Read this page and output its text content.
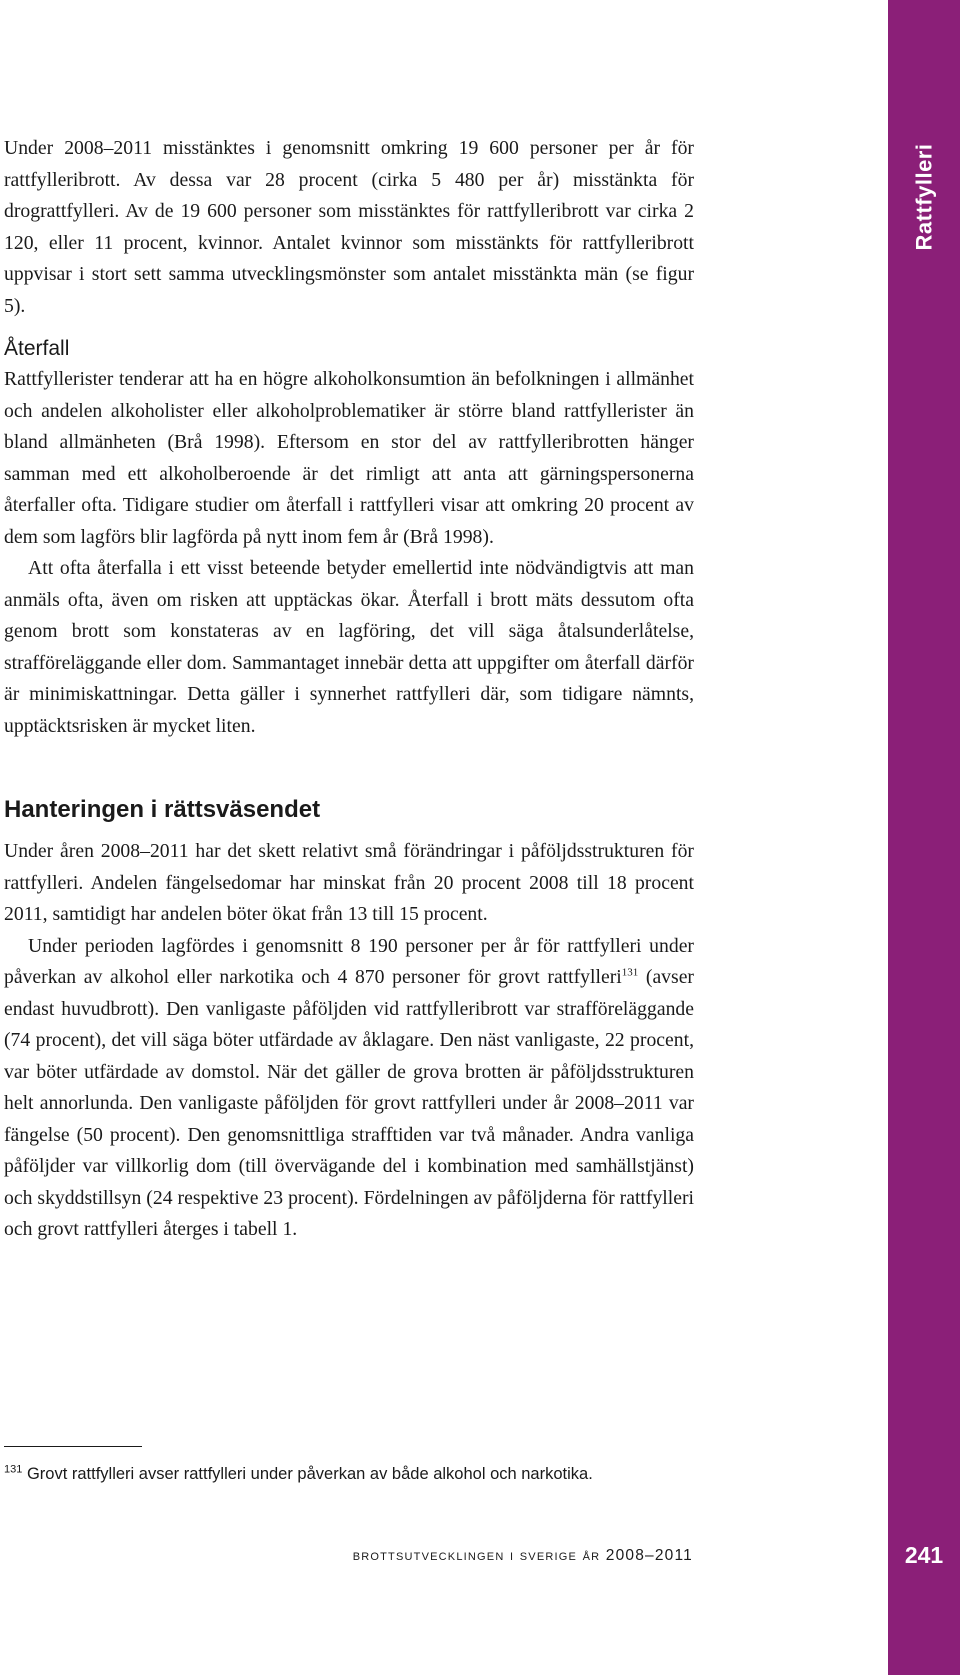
Rattfylleri
241

Under 2008–2011 misstänktes i genomsnitt omkring 19 600 personer per år för rattfylleribrott. Av dessa var 28 procent (cirka 5 480 per år) misstänkta för drograttfylleri. Av de 19 600 personer som misstänktes för rattfylleribrott var cirka 2 120, eller 11 procent, kvinnor. Antalet kvinnor som misstänkts för rattfylleribrott uppvisar i stort sett samma utvecklingsmönster som antalet misstänkta män (se figur 5).

Återfall

Rattfyllerister tenderar att ha en högre alkoholkonsumtion än befolkningen i allmänhet och andelen alkoholister eller alkoholproblematiker är större bland rattfyllerister än bland allmänheten (Brå 1998). Eftersom en stor del av rattfylleribrotten hänger samman med ett alkoholberoende är det rimligt att anta att gärningspersonerna återfaller ofta. Tidigare studier om återfall i rattfylleri visar att omkring 20 procent av dem som lagförs blir lagförda på nytt inom fem år (Brå 1998).

Att ofta återfalla i ett visst beteende betyder emellertid inte nödvändigtvis att man anmäls ofta, även om risken att upptäckas ökar. Återfall i brott mäts dessutom ofta genom brott som konstateras av en lagföring, det vill säga åtalsunderlåtelse, strafföreläggande eller dom. Sammantaget innebär detta att uppgifter om återfall därför är minimiskattningar. Detta gäller i synnerhet rattfylleri där, som tidigare nämnts, upptäcktsrisken är mycket liten.

Hanteringen i rättsväsendet

Under åren 2008–2011 har det skett relativt små förändringar i påföljdsstrukturen för rattfylleri. Andelen fängelsedomar har minskat från 20 procent 2008 till 18 procent 2011, samtidigt har andelen böter ökat från 13 till 15 procent.

Under perioden lagfördes i genomsnitt 8 190 personer per år för rattfylleri under påverkan av alkohol eller narkotika och 4 870 personer för grovt rattfylleri$^{131}$ (avser endast huvudbrott). Den vanligaste påföljden vid rattfylleribrott var strafföreläggande (74 procent), det vill säga böter utfärdade av åklagare. Den näst vanligaste, 22 procent, var böter utfärdade av domstol. När det gäller de grova brotten är påföljdsstrukturen helt annorlunda. Den vanligaste påföljden för grovt rattfylleri under år 2008–2011 var fängelse (50 procent). Den genomsnittliga strafftiden var två månader. Andra vanliga påföljder var villkorlig dom (till övervägande del i kombination med samhällstjänst) och skyddstillsyn (24 respektive 23 procent). Fördelningen av påföljderna för rattfylleri och grovt rattfylleri återges i tabell 1.

$^{131}$ Grovt rattfylleri avser rattfylleri under påverkan av både alkohol och narkotika.
brottsutvecklingen i sverige år 2008–2011
